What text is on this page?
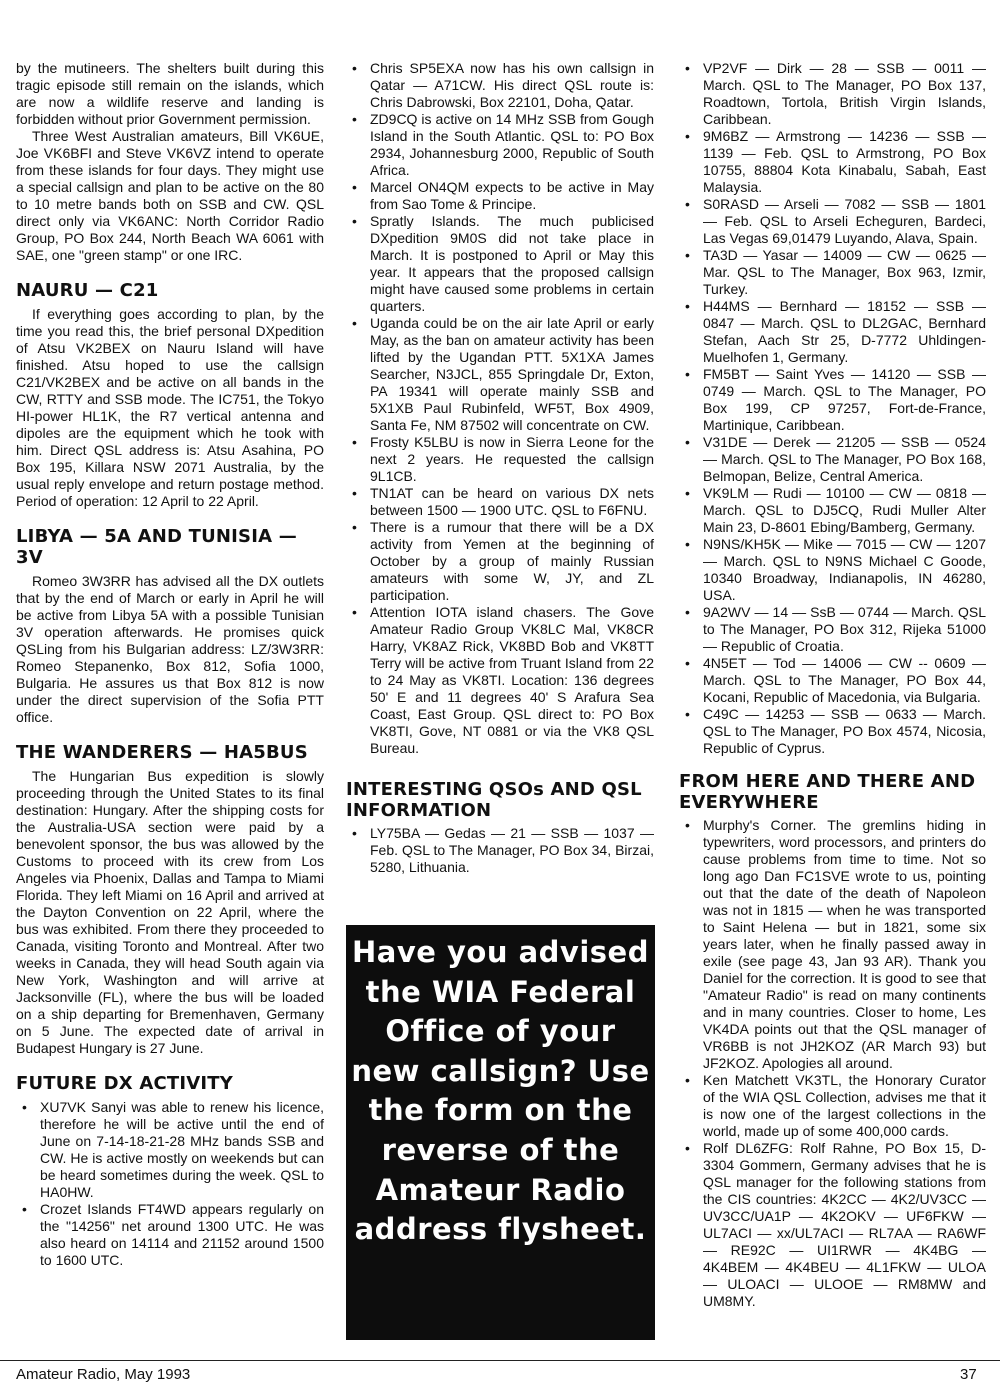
by the mutineers. The shelters built during this tragic episode still remain on the islands, which are now a wildlife reserve and landing is forbidden without prior Government permission.

Three West Australian amateurs, Bill VK6UE, Joe VK6BFI and Steve VK6VZ intend to operate from these islands for four days. They might use a special callsign and plan to be active on the 80 to 10 metre bands both on SSB and CW. QSL direct only via VK6ANC: North Corridor Radio Group, PO Box 244, North Beach WA 6061 with SAE, one "green stamp" or one IRC.

NAURU — C21

If everything goes according to plan, by the time you read this, the brief personal DXpedition of Atsu VK2BEX on Nauru Island will have finished. Atsu hoped to use the callsign C21/VK2BEX and be active on all bands in the CW, RTTY and SSB mode. The IC751, the Tokyo HI-power HL1K, the R7 vertical antenna and dipoles are the equipment which he took with him. Direct QSL address is: Atsu Asahina, PO Box 195, Killara NSW 2071 Australia, by the usual reply envelope and return postage method. Period of operation: 12 April to 22 April.

LIBYA — 5A AND TUNISIA — 3V

Romeo 3W3RR has advised all the DX outlets that by the end of March or early in April he will be active from Libya 5A with a possible Tunisian 3V operation afterwards. He promises quick QSLing from his Bulgarian address: LZ/3W3RR: Romeo Stepanenko, Box 812, Sofia 1000, Bulgaria. He assures us that Box 812 is now under the direct supervision of the Sofia PTT office.

THE WANDERERS — HA5BUS

The Hungarian Bus expedition is slowly proceeding through the United States to its final destination: Hungary. After the shipping costs for the Australia-USA section were paid by a benevolent sponsor, the bus was allowed by the Customs to proceed with its crew from Los Angeles via Phoenix, Dallas and Tampa to Miami Florida. They left Miami on 16 April and arrived at the Dayton Convention on 22 April, where the bus was exhibited. From there they proceeded to Canada, visiting Toronto and Montreal. After two weeks in Canada, they will head South again via New York, Washington and will arrive at Jacksonville (FL), where the bus will be loaded on a ship departing for Bremenhaven, Germany on 5 June. The expected date of arrival in Budapest Hungary is 27 June.

FUTURE DX ACTIVITY
• XU7VK Sanyi was able to renew his licence, therefore he will be active until the end of June on 7-14-18-21-28 MHz bands SSB and CW. He is active mostly on weekends but can be heard sometimes during the week. QSL to HA0HW.
• Crozet Islands FT4WD appears regularly on the "14256" net around 1300 UTC. He was also heard on 14114 and 21152 around 1500 to 1600 UTC.
• Chris SP5EXA now has his own callsign in Qatar — A71CW. His direct QSL route is: Chris Dabrowski, Box 22101, Doha, Qatar.
• ZD9CQ is active on 14 MHz SSB from Gough Island in the South Atlantic. QSL to: PO Box 2934, Johannesburg 2000, Republic of South Africa.
• Marcel ON4QM expects to be active in May from Sao Tome & Principe.
• Spratly Islands. The much publicised DXpedition 9M0S did not take place in March. It is postponed to April or May this year. It appears that the proposed callsign might have caused some problems in certain quarters.
• Uganda could be on the air late April or early May, as the ban on amateur activity has been lifted by the Ugandan PTT. 5X1XA James Searcher, N3JCL, 855 Springdale Dr, Exton, PA 19341 will operate mainly SSB and 5X1XB Paul Rubinfeld, WF5T, Box 4909, Santa Fe, NM 87502 will concentrate on CW.
• Frosty K5LBU is now in Sierra Leone for the next 2 years. He requested the callsign 9L1CB.
• TN1AT can be heard on various DX nets between 1500 — 1900 UTC. QSL to F6FNU.
• There is a rumour that there will be a DX activity from Yemen at the beginning of October by a group of mainly Russian amateurs with some W, JY, and ZL participation.
• Attention IOTA island chasers. The Gove Amateur Radio Group VK8LC Mal, VK8CR Harry, VK8AZ Rick, VK8BD Bob and VK8TT Terry will be active from Truant Island from 22 to 24 May as VK8TI. Location: 136 degrees 50' E and 11 degrees 40' S Arafura Sea Coast, East Group. QSL direct to: PO Box VK8TI, Gove, NT 0881 or via the VK8 QSL Bureau.
INTERESTING QSOs AND QSL INFORMATION
• LY75BA — Gedas — 21 — SSB — 1037 — Feb. QSL to The Manager, PO Box 34, Birzai, 5280, Lithuania.
Have you advised the WIA Federal Office of your new callsign? Use the form on the reverse of the Amateur Radio address flysheet.
• VP2VF — Dirk — 28 — SSB — 0011 — March. QSL to The Manager, PO Box 137, Roadtown, Tortola, British Virgin Islands, Caribbean.
• 9M6BZ — Armstrong — 14236 — SSB — 1139 — Feb. QSL to Armstrong, PO Box 10755, 88804 Kota Kinabalu, Sabah, East Malaysia.
• S0RASD — Arseli — 7082 — SSB — 1801 — Feb. QSL to Arseli Echeguren, Bardeci, Las Vegas 69,01479 Luyando, Alava, Spain.
• TA3D — Yasar — 14009 — CW — 0625 — Mar. QSL to The Manager, Box 963, Izmir, Turkey.
• H44MS — Bernhard — 18152 — SSB — 0847 — March. QSL to DL2GAC, Bernhard Stefan, Aach Str 25, D-7772 Uhldingen-Muelhofen 1, Germany.
• FM5BT — Saint Yves — 14120 — SSB — 0749 — March. QSL to The Manager, PO Box 199, CP 97257, Fort-de-France, Martinique, Caribbean.
• V31DE — Derek — 21205 — SSB — 0524 — March. QSL to The Manager, PO Box 168, Belmopan, Belize, Central America.
• VK9LM — Rudi — 10100 — CW — 0818 — March. QSL to DJ5CQ, Rudi Muller Alter Main 23, D-8601 Ebing/Bamberg, Germany.
• N9NS/KH5K — Mike — 7015 — CW — 1207 — March. QSL to N9NS Michael C Goode, 10340 Broadway, Indianapolis, IN 46280, USA.
• 9A2WV — 14 — SsB — 0744 — March. QSL to The Manager, PO Box 312, Rijeka 51000 — Republic of Croatia.
• 4N5ET — Tod — 14006 — CW -- 0609 — March. QSL to The Manager, PO Box 44, Kocani, Republic of Macedonia, via Bulgaria.
• C49C — 14253 — SSB — 0633 — March. QSL to The Manager, PO Box 4574, Nicosia, Republic of Cyprus.
FROM HERE AND THERE AND EVERYWHERE
• Murphy's Corner. The gremlins hiding in typewriters, word processors, and printers do cause problems from time to time. Not so long ago Dan FC1SVE wrote to us, pointing out that the date of the death of Napoleon was not in 1815 — when he was transported to Saint Helena — but in 1821, some six years later, when he finally passed away in exile (see page 43, Jan 93 AR). Thank you Daniel for the correction. It is good to see that "Amateur Radio" is read on many continents and in many countries. Closer to home, Les VK4DA points out that the QSL manager of VR6BB is not JH2KOZ (AR March 93) but JF2KOZ. Apologies all around.
• Ken Matchett VK3TL, the Honorary Curator of the WIA QSL Collection, advises me that it is now one of the largest collections in the world, made up of some 400,000 cards.
• Rolf DL6ZFG: Rolf Rahne, PO Box 15, D-3304 Gommern, Germany advises that he is QSL manager for the following stations from the CIS countries: 4K2CC — 4K2/UV3CC — UV3CC/UA1P — 4K2OKV — UF6FKW — UL7ACI — xx/UL7ACI — RL7AA — RA6WF — RE92C — UI1RWR — 4K4BG — 4K4BEM — 4K4BEU — 4L1FKW — ULOA — ULOACI — ULOOE — RM8MW and UM8MY.
Amateur Radio, May 1993	37
